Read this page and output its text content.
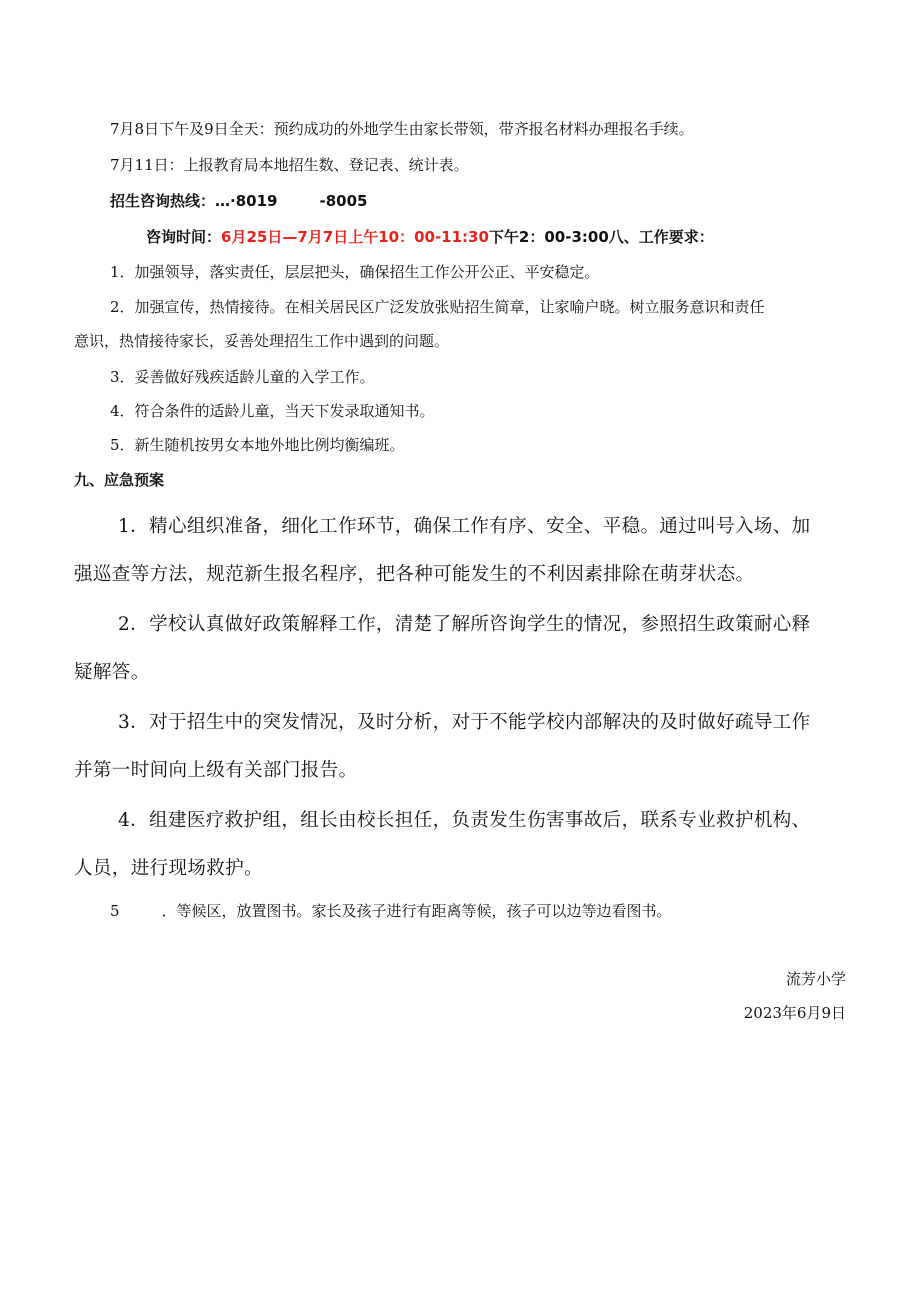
7月8日下午及9日全天：预约成功的外地学生由家长带领，带齐报名材料办理报名手续。

7月11日：上报教育局本地招生数、登记表、统计表。

招生咨询热线：…·8019	-8005
咨询时间：6月25日—7月7日上午10：00-11:30下午2：00-3:00八、工作要求：

1．加强领导，落实责任，层层把头，确保招生工作公开公正、平安稳定。

2．加强宣传，热情接待。在相关居民区广泛发放张贴招生简章，让家喻户晓。树立服务意识和责任

意识，热情接待家长，妥善处理招生工作中遇到的问题。

3．妥善做好残疾适龄儿童的入学工作。

4．符合条件的适龄儿童，当天下发录取通知书。

5．新生随机按男女本地外地比例均衡编班。

九、应急预案

1．精心组织准备，细化工作环节，确保工作有序、安全、平稳。通过叫号入场、加

强巡查等方法，规范新生报名程序，把各种可能发生的不利因素排除在萌芽状态。

2．学校认真做好政策解释工作，清楚了解所咨询学生的情况，参照招生政策耐心释

疑解答。

3．对于招生中的突发情况，及时分析，对于不能学校内部解决的及时做好疏导工作

并第一时间向上级有关部门报告。

4．组建医疗救护组，组长由校长担任，负责发生伤害事故后，联系专业救护机构、

人员，进行现场救护。

5	．等候区，放置图书。家长及孩子进行有距离等候，孩子可以边等边看图书。

流芳小学

2023年6月9日
